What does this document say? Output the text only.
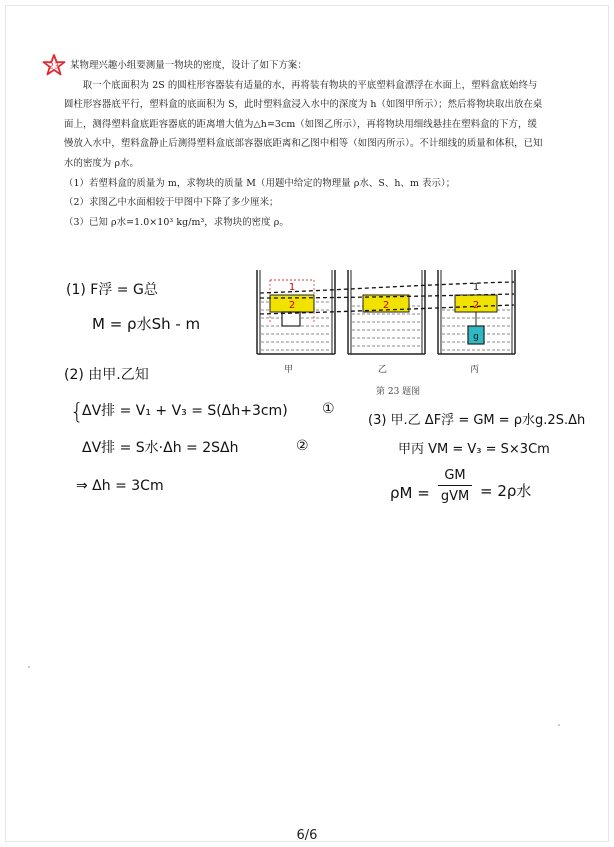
23 某物理兴趣小组要测量一物块的密度，设计了如下方案：

取一个底面积为 2S 的圆柱形容器装有适量的水，再将装有物块的平底塑料盒漂浮在水面上，塑料盒底始终与圆柱形容器底平行，塑料盒的底面积为 S，此时塑料盒浸入水中的深度为 h（如图甲所示）；然后将物块取出放在桌面上，测得塑料盒底距容器底的距离增大值为△h=3cm（如图乙所示），再将物块用细线悬挂在塑料盒的下方，缓慢放入水中，塑料盒静止后测得塑料盒底部容器底距离和乙图中相等（如图丙所示）。不计细线的质量和体积，已知水的密度为 ρ水。

（1）若塑料盒的质量为 m，求物块的质量 M（用题中给定的物理量 ρ水、S、h、m 表示）；

（2）求图乙中水面相较于甲图中下降了多少厘米；

（3）已知 ρ水=1.0×10³ kg/m³，求物块的密度 ρ。

1
2	2
1
2
g
甲	乙	丙
第 23 题图
(1) F浮 = G总
M = ρ水Sh - m
(2) 由甲.乙知
{
ΔV排 = V₁ + V₃ = S(Δh+3cm) ①
ΔV排 = S水·Δh = 2SΔh	②
⇒ Δh = 3Cm
(3) 甲.乙 ΔF浮 = GM = ρ水g.2S.Δh
甲丙 VM = V₃ = S×3Cm
ρM =
GM
gVM = 2ρ水
6/6
